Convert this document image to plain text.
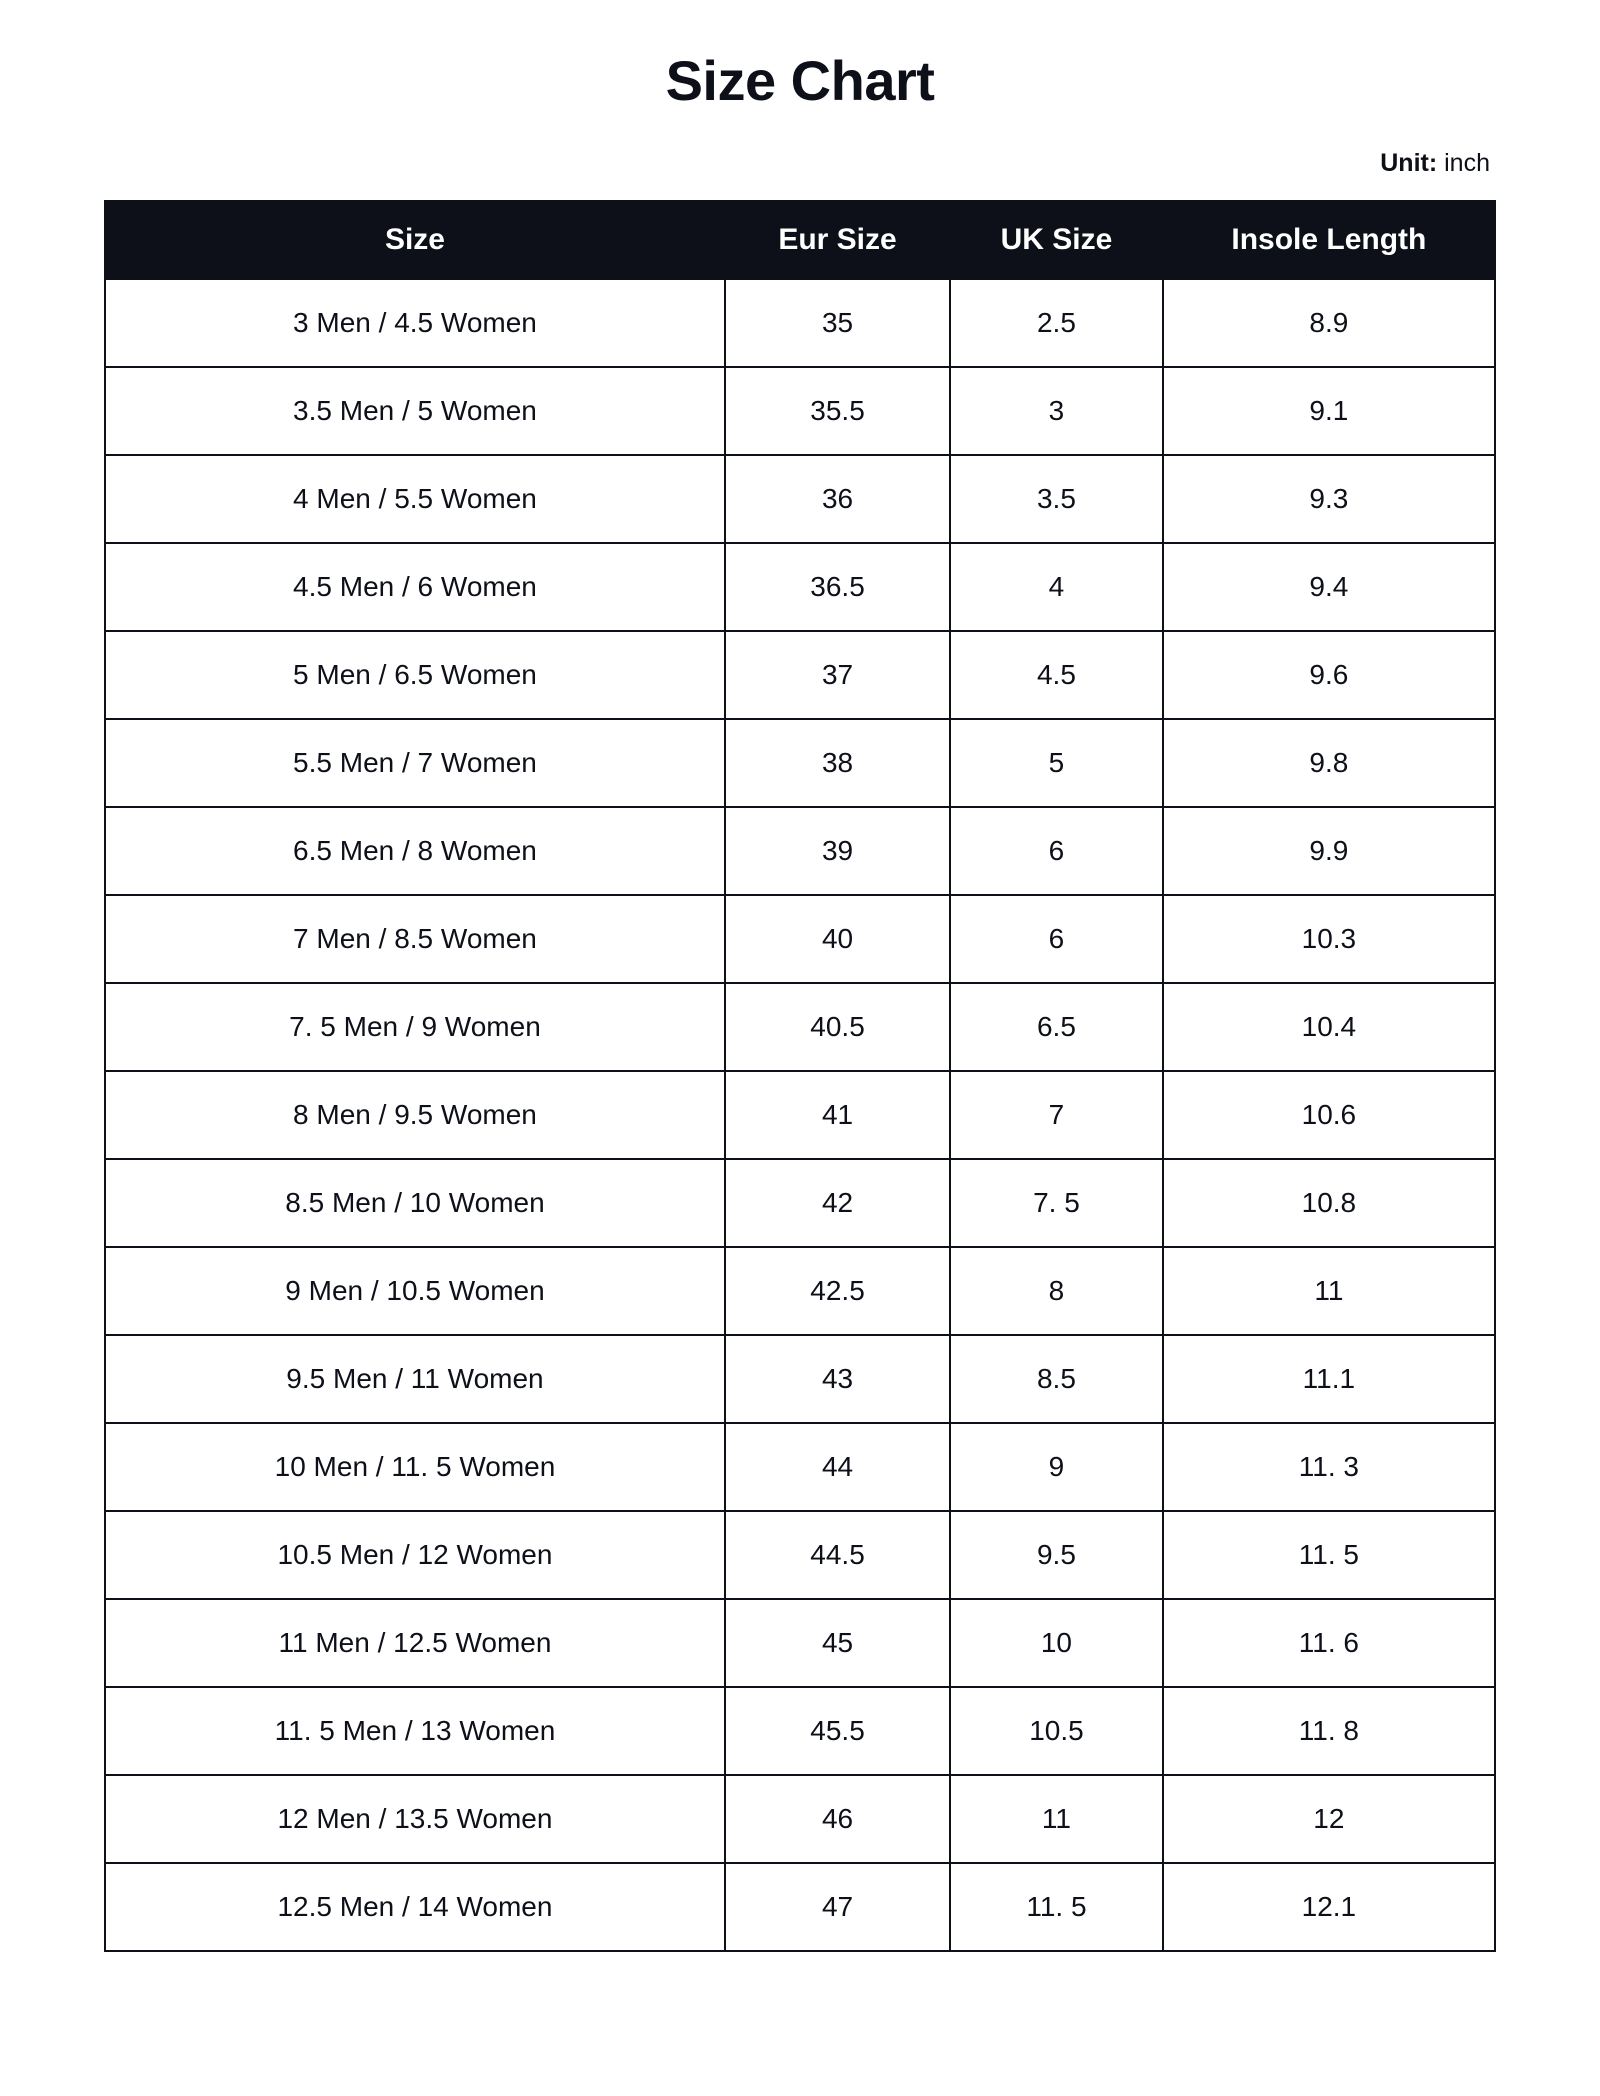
Size Chart
Unit: inch
Size	Eur Size	UK Size	Insole Length
3 Men / 4.5 Women	35	2.5	8.9
3.5 Men / 5 Women	35.5	3	9.1
4 Men / 5.5 Women	36	3.5	9.3
4.5 Men / 6 Women	36.5	4	9.4
5 Men / 6.5 Women	37	4.5	9.6
5.5 Men / 7 Women	38	5	9.8
6.5 Men / 8 Women	39	6	9.9
7 Men / 8.5 Women	40	6	10.3
7. 5 Men / 9 Women	40.5	6.5	10.4
8 Men / 9.5 Women	41	7	10.6
8.5 Men / 10 Women	42	7. 5	10.8
9 Men / 10.5 Women	42.5	8	11
9.5 Men / 11 Women	43	8.5	11.1
10 Men / 11. 5 Women	44	9	11. 3
10.5 Men / 12 Women	44.5	9.5	11. 5
11 Men / 12.5 Women	45	10	11. 6
11. 5 Men / 13 Women	45.5	10.5	11. 8
12 Men / 13.5 Women	46	11	12
12.5 Men / 14 Women	47	11. 5	12.1
